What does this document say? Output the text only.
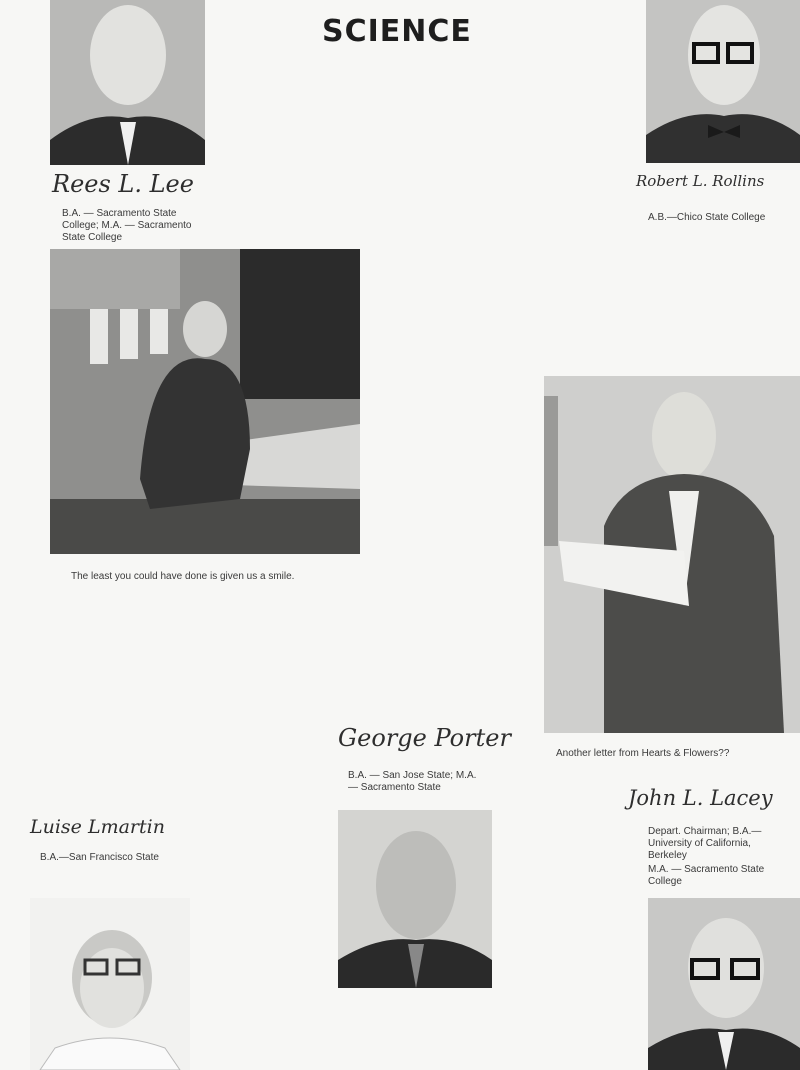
SCIENCE
Rees L. Lee
B.A. — Sacramento State College; M.A. — Sacramento State College
Robert L. Rollins
A.B.—Chico State College
The least you could have done is given us a smile.
Another letter from Hearts & Flowers??
George Porter
B.A. — San Jose State; M.A. — Sacramento State
Luise Lmartin
B.A.—San Francisco State
John L. Lacey
Depart. Chairman; B.A.— University of California, Berkeley
M.A. — Sacramento State College
